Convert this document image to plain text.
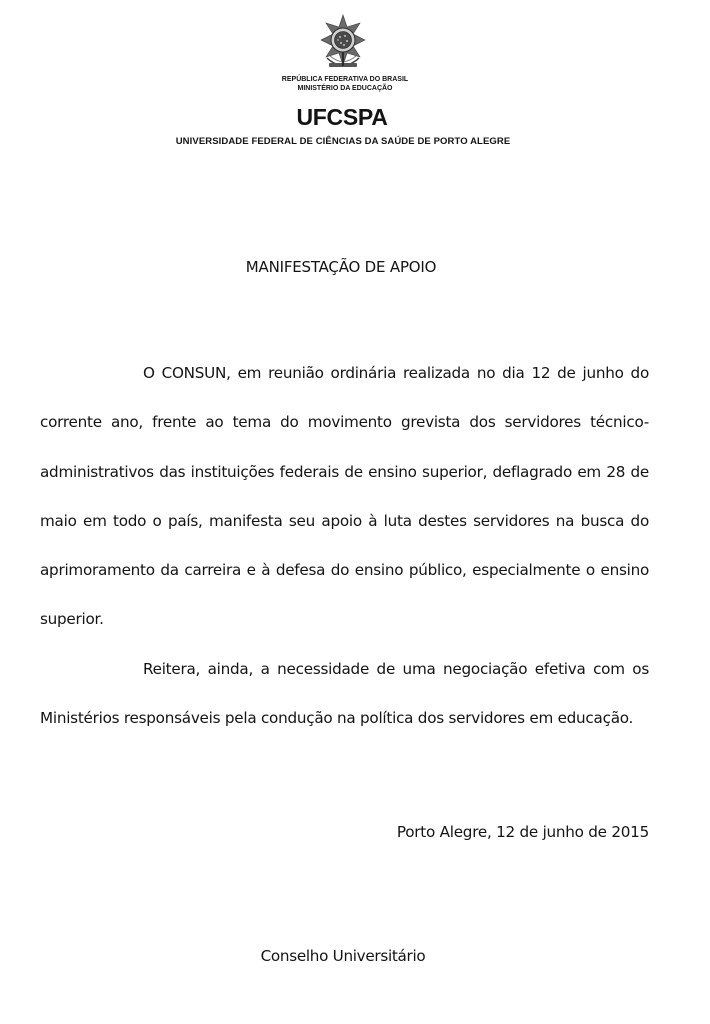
REPÚBLICA FEDERATIVA DO BRASIL
MINISTÉRIO DA EDUCAÇÃO
UFCSPA
UNIVERSIDADE FEDERAL DE CIÊNCIAS DA SAÚDE DE PORTO ALEGRE
MANIFESTAÇÃO DE APOIO

O CONSUN, em reunião ordinária realizada no dia 12 de junho do corrente ano, frente ao tema do movimento grevista dos servidores técnico-administrativos das instituições federais de ensino superior, deflagrado em 28 de maio em todo o país, manifesta seu apoio à luta destes servidores na busca do aprimoramento da carreira e à defesa do ensino público, especialmente o ensino superior.

Reitera, ainda, a necessidade de uma negociação efetiva com os Ministérios responsáveis pela condução na política dos servidores em educação.

Porto Alegre, 12 de junho de 2015
Conselho Universitário
